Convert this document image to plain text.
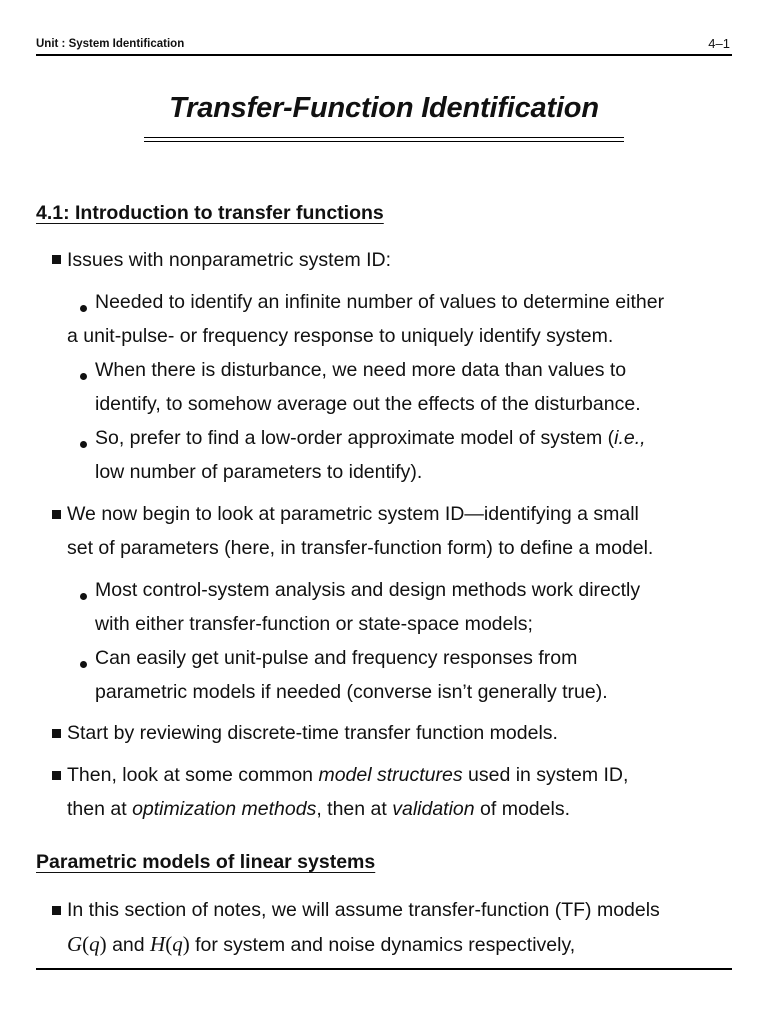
Unit : System Identification	4–1
Transfer-Function Identification
4.1: Introduction to transfer functions
Issues with nonparametric system ID:
Needed to identify an infinite number of values to determine either
a unit-pulse- or frequency response to uniquely identify system.
When there is disturbance, we need more data than values to
identify, to somehow average out the effects of the disturbance.
So, prefer to find a low-order approximate model of system (i.e.,
low number of parameters to identify).
We now begin to look at parametric system ID—identifying a small
set of parameters (here, in transfer-function form) to define a model.
Most control-system analysis and design methods work directly
with either transfer-function or state-space models;
Can easily get unit-pulse and frequency responses from
parametric models if needed (converse isn’t generally true).
Start by reviewing discrete-time transfer function models.
Then, look at some common model structures used in system ID,
then at optimization methods, then at validation of models.
Parametric models of linear systems
In this section of notes, we will assume transfer-function (TF) models
G(q) and H(q) for system and noise dynamics respectively,
